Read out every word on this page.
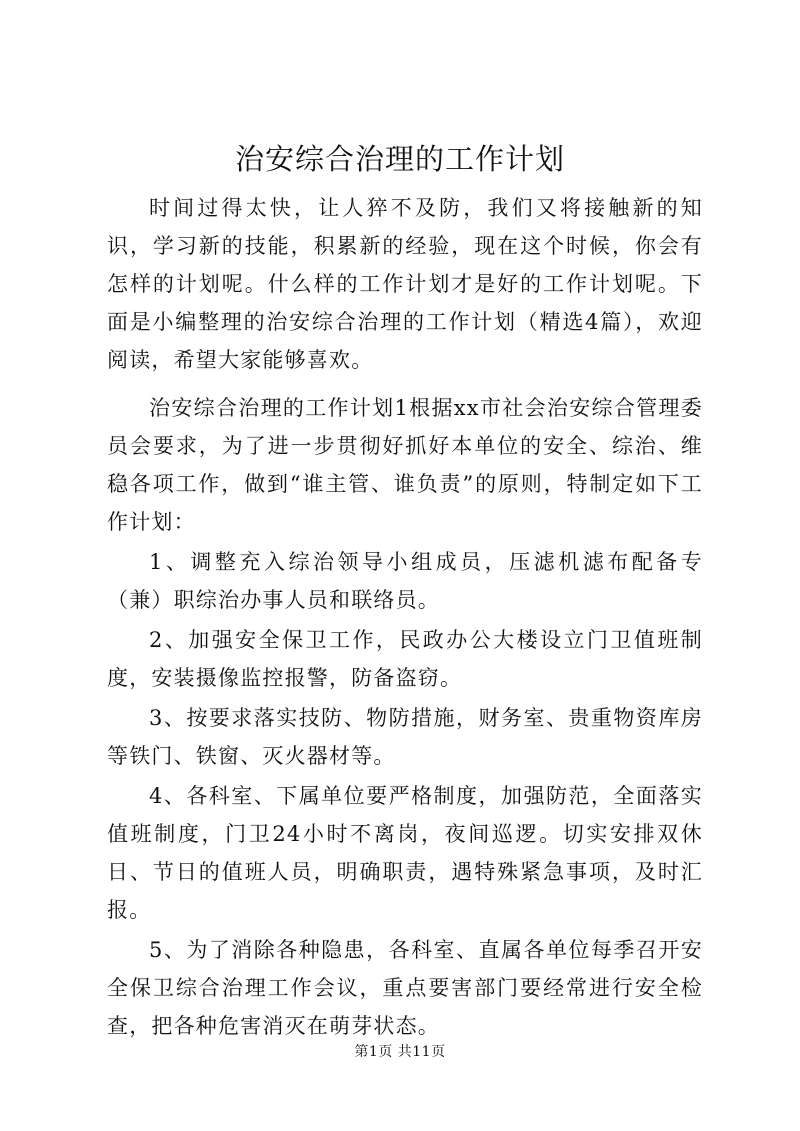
治安综合治理的工作计划

时间过得太快，让人猝不及防，我们又将接触新的知识，学习新的技能，积累新的经验，现在这个时候，你会有怎样的计划呢。什么样的工作计划才是好的工作计划呢。下面是小编整理的治安综合治理的工作计划（精选4篇），欢迎阅读，希望大家能够喜欢。

治安综合治理的工作计划1根据xx市社会治安综合管理委员会要求，为了进一步贯彻好抓好本单位的安全、综治、维稳各项工作，做到“谁主管、谁负责”的原则，特制定如下工作计划：

1、调整充入综治领导小组成员，压滤机滤布配备专（兼）职综治办事人员和联络员。

2、加强安全保卫工作，民政办公大楼设立门卫值班制度，安装摄像监控报警，防备盗窃。

3、按要求落实技防、物防措施，财务室、贵重物资库房等铁门、铁窗、灭火器材等。

4、各科室、下属单位要严格制度，加强防范，全面落实值班制度，门卫24小时不离岗，夜间巡逻。切实安排双休日、节日的值班人员，明确职责，遇特殊紧急事项，及时汇报。

5、为了消除各种隐患，各科室、直属各单位每季召开安全保卫综合治理工作会议，重点要害部门要经常进行安全检查，把各种危害消灭在萌芽状态。

第1页 共11页
